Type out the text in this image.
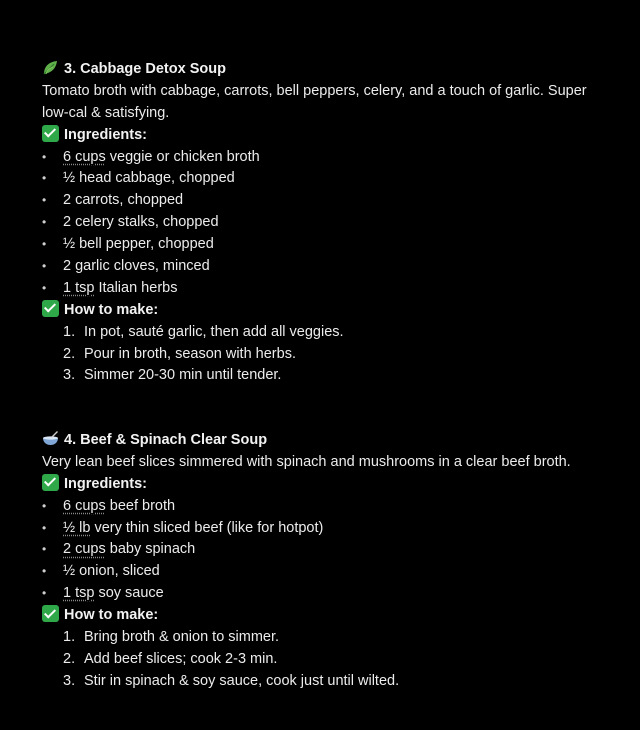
3. Cabbage Detox Soup
Tomato broth with cabbage, carrots, bell peppers, celery, and a touch of garlic. Super
low-cal & satisfying.
Ingredients:
• 6 cups veggie or chicken broth
• ½ head cabbage, chopped
• 2 carrots, chopped
• 2 celery stalks, chopped
• ½ bell pepper, chopped
• 2 garlic cloves, minced
• 1 tsp Italian herbs
How to make:
1. In pot, sauté garlic, then add all veggies.
2. Pour in broth, season with herbs.
3. Simmer 20-30 min until tender.
4. Beef & Spinach Clear Soup
Very lean beef slices simmered with spinach and mushrooms in a clear beef broth.
Ingredients:
• 6 cups beef broth
• ½ lb very thin sliced beef (like for hotpot)
• 2 cups baby spinach
• ½ onion, sliced
• 1 tsp soy sauce
How to make:
1. Bring broth & onion to simmer.
2. Add beef slices; cook 2-3 min.
3. Stir in spinach & soy sauce, cook just until wilted.
